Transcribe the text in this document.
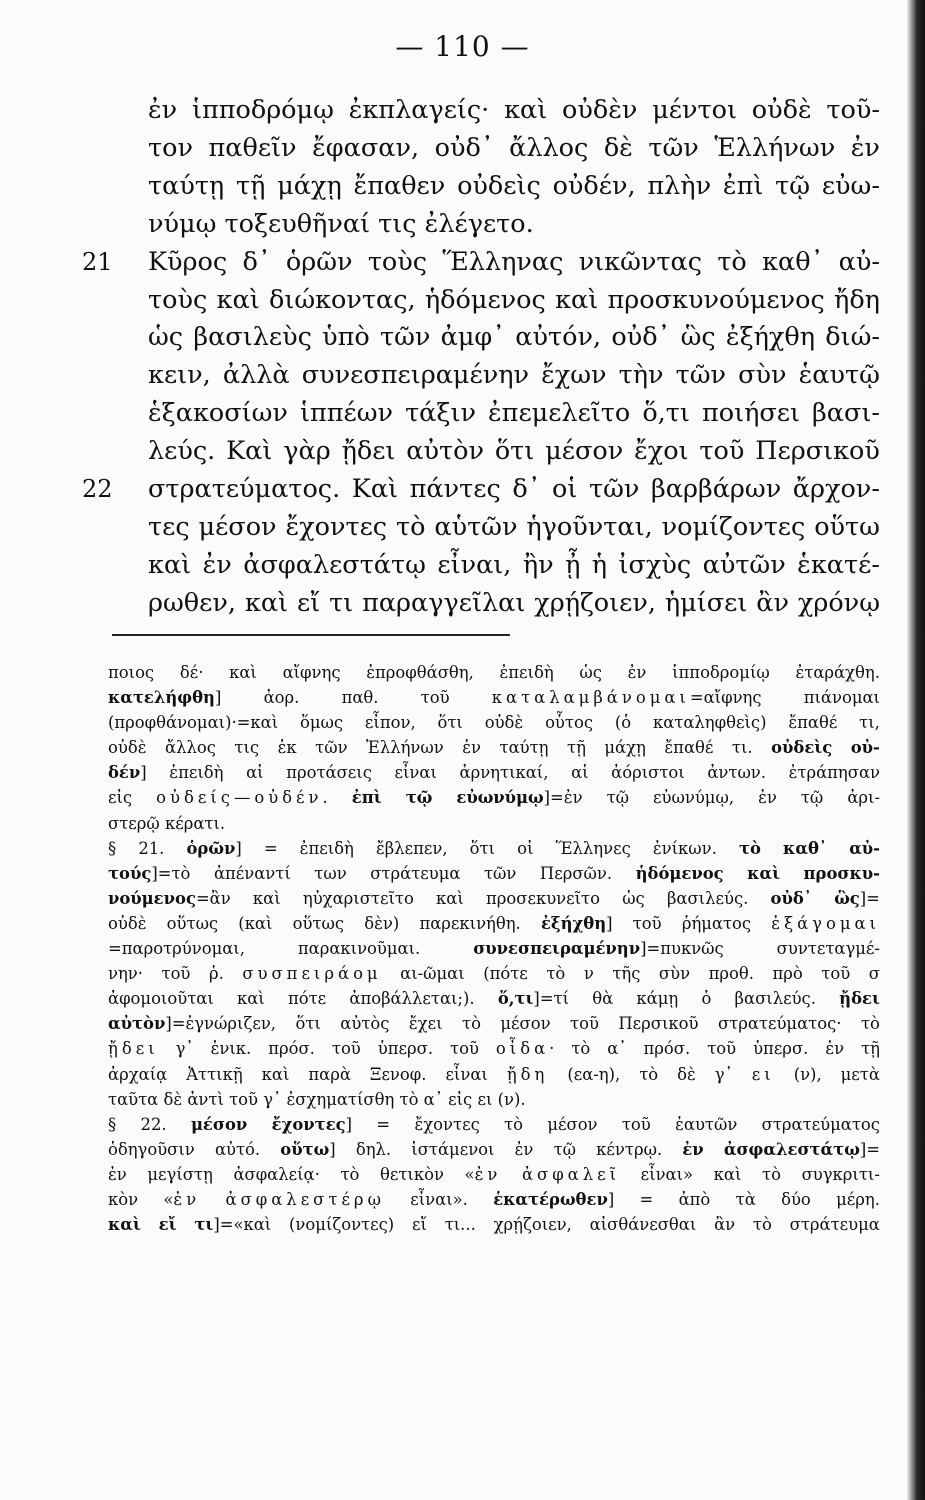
— 110 —
ἐν ἱπποδρόμῳ ἐκπλαγείς· καὶ οὐδὲν μέντοι οὐδὲ τοῦ-
τον παθεῖν ἔφασαν, οὐδ᾽ ἄλλος δὲ τῶν Ἑλλήνων ἐν
ταύτῃ τῇ μάχῃ ἔπαθεν οὐδεὶς οὐδέν, πλὴν ἐπὶ τῷ εὐω-
νύμῳ τοξευθῆναί τις ἐλέγετο.
21 Κῦρος δ᾽ ὁρῶν τοὺς Ἕλληνας νικῶντας τὸ καθ᾽ αὐ-
τοὺς καὶ διώκοντας, ἡδόμενος καὶ προσκυνούμενος ἤδη
ὡς βασιλεὺς ὑπὸ τῶν ἀμφ᾽ αὐτόν, οὐδ᾽ ὣς ἐξήχθη διώ-
κειν, ἀλλὰ συνεσπειραμένην ἔχων τὴν τῶν σὺν ἑαυτῷ
ἑξακοσίων ἱππέων τάξιν ἐπεμελεῖτο ὅ,τι ποιήσει βασι-
λεύς. Καὶ γὰρ ᾔδει αὐτὸν ὅτι μέσον ἔχοι τοῦ Περσικοῦ
22 στρατεύματος. Καὶ πάντες δ᾽ οἱ τῶν βαρβάρων ἄρχον-
τες μέσον ἔχοντες τὸ αὑτῶν ἡγοῦνται, νομίζοντες οὕτω
καὶ ἐν ἀσφαλεστάτῳ εἶναι, ἢν ᾖ ἡ ἰσχὺς αὐτῶν ἑκατέ-
ρωθεν, καὶ εἴ τι παραγγεῖλαι χρῄζοιεν, ἡμίσει ἂν χρόνῳ
ποιος δέ· καὶ αἴφνης ἐπροφθάσθη, ἐπειδὴ ὡς ἐν ἱπποδρομίῳ ἐταράχθη.
κατελήφθη]	ἀορ.	παθ.	τοῦ	καταλαμβάνομαι=αἴφνης	πιάνομαι
(προφθάνομαι)·=καὶ ὅμως εἶπον, ὅτι οὐδὲ οὗτος (ὁ καταληφθεὶς) ἔπαθέ τι,
οὐδὲ ἄλλος τις ἐκ τῶν Ἑλλήνων ἐν ταύτῃ τῇ μάχῃ ἔπαθέ τι. οὐδεὶς οὐ-
δέν] ἐπειδὴ αἱ προτάσεις εἶναι ἀρνητικαί, αἱ ἀόριστοι ἀντων. ἐτράπησαν
εἰς οὐδείς—οὐδέν. ἐπὶ τῷ εὐωνύμῳ]=ἐν τῷ εὐωνύμῳ, ἐν τῷ ἀρι-
στερῷ κέρατι.
§ 21. ὁρῶν] = ἐπειδὴ ἔβλεπεν, ὅτι οἱ Ἕλληνες ἐνίκων. τὸ καθ᾽ αὐ-
τούς]=τὸ ἀπέναντί των στράτευμα τῶν Περσῶν. ἡδόμενος καὶ προσκυ-
νούμενος=ἂν καὶ ηὐχαριστεῖτο καὶ προσεκυνεῖτο ὡς βασιλεύς. οὐδ᾽ ὣς]=
οὐδὲ οὕτως (καὶ οὕτως δὲν) παρεκινήθη. ἐξήχθη] τοῦ ῥήματος ἐξάγομαι
=παροτρύνομαι,	παρακινοῦμαι.	συνεσπειραμένην]=πυκνῶς	συντεταγμέ-
νην· τοῦ ῥ. συσπειράομ αι-ῶμαι (πότε τὸ ν τῆς σὺν προθ. πρὸ τοῦ σ
ἀφομοιοῦται καὶ πότε ἀποβάλλεται;). ὅ,τι]=τί θὰ κάμῃ ὁ βασιλεύς. ᾔδει
αὐτὸν]=ἐγνώριζεν, ὅτι αὐτὸς ἔχει τὸ μέσον τοῦ Περσικοῦ στρατεύματος· τὸ
ᾔδει γ᾽ ἑνικ. πρόσ. τοῦ ὑπερσ. τοῦ οἶδα· τὸ α᾽ πρόσ. τοῦ ὑπερσ. ἐν τῇ
ἀρχαίᾳ Ἀττικῇ καὶ παρὰ Ξενοφ. εἶναι ᾔδη (εα-η), τὸ δὲ γ᾽ ει (ν), μετὰ
ταῦτα δὲ ἀντὶ τοῦ γ᾽ ἐσχηματίσθη τὸ α᾽ εἰς ει (ν).
§ 22. μέσον ἔχοντες] = ἔχοντες τὸ μέσον τοῦ ἑαυτῶν στρατεύματος
ὁδηγοῦσιν αὐτό. οὕτω] δηλ. ἱστάμενοι ἐν τῷ κέντρῳ. ἐν ἀσφαλεστάτῳ]=
ἐν μεγίστῃ ἀσφαλείᾳ· τὸ θετικὸν «ἐν ἀσφαλεῖ εἶναι» καὶ τὸ συγκριτι-
κὸν «ἐν ἀσφαλεστέρῳ εἶναι». ἑκατέρωθεν] = ἀπὸ τὰ δύο μέρη.
καὶ εἴ τι]=«καὶ (νομίζοντες) εἴ τι... χρῄζοιεν, αἰσθάνεσθαι ἂν τὸ στράτευμα
